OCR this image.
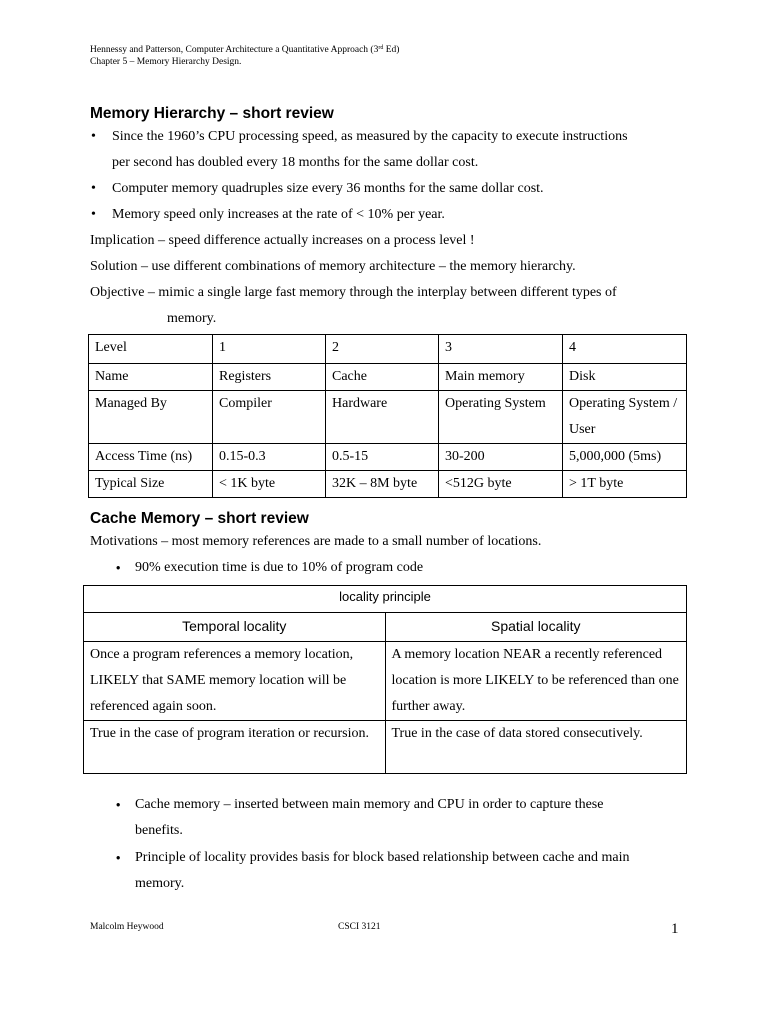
Hennessy and Patterson, Computer Architecture a Quantitative Approach (3rd Ed)
Chapter 5 – Memory Hierarchy Design.
Memory Hierarchy – short review
• Since the 1960’s CPU processing speed, as measured by the capacity to execute instructions
per second has doubled every 18 months for the same dollar cost.
• Computer memory quadruples size every 36 months for the same dollar cost.
• Memory speed only increases at the rate of < 10% per year.
Implication – speed difference actually increases on a process level !
Solution – use different combinations of memory architecture – the memory hierarchy.
Objective – mimic a single large fast memory through the interplay between different types of
memory.
Level	1	2	3	4
Name	Registers	Cache	Main memory	Disk
Managed By	Compiler	Hardware	Operating System	Operating System / User
Access Time (ns)	0.15-0.3	0.5-15	30-200	5,000,000 (5ms)
Typical Size	< 1K byte	32K – 8M byte	<512G byte	> 1T byte
Cache Memory – short review
Motivations – most memory references are made to a small number of locations.
• 90% execution time is due to 10% of program code
locality principle	
Temporal locality	Spatial locality
Once a program references a memory location, LIKELY that SAME memory location will be referenced again soon.	A memory location NEAR a recently referenced location is more LIKELY to be referenced than one further away.
True in the case of program iteration or recursion.	True in the case of data stored consecutively.
• Cache memory – inserted between main memory and CPU in order to capture these
benefits.
• Principle of locality provides basis for block based relationship between cache and main
memory.
Malcolm Heywood	CSCI 3121	1
